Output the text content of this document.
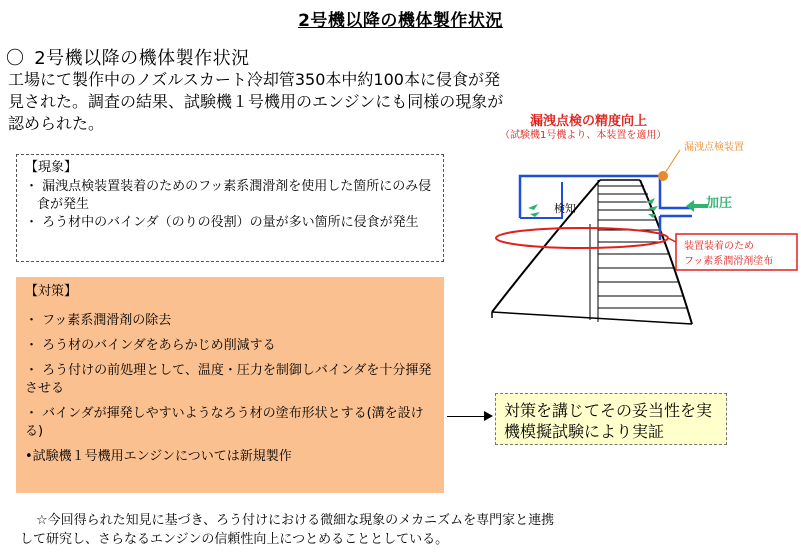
2号機以降の機体製作状況
〇 2号機以降の機体製作状況
工場にて製作中のノズルスカート冷却管350本中約100本に侵食が発見された。調査の結果、試験機１号機用のエンジンにも同様の現象が認められた。
【現象】
・ 漏洩点検装置装着のためのフッ素系潤滑剤を使用した箇所にのみ侵食が発生
・ ろう材中のバインダ（のりの役割）の量が多い箇所に侵食が発生
【対策】
・ フッ素系潤滑剤の除去
・ ろう材のバインダをあらかじめ削減する
・ ろう付けの前処理として、温度・圧力を制御しバインダを十分揮発させる
・ バインダが揮発しやすいようなろう材の塗布形状とする(溝を設ける)
•試験機１号機用エンジンについては新規製作
対策を講じてその妥当性を実機模擬試験により実証
漏洩点検の精度向上
（試験機1号機より、本装置を適用）
漏洩点検装置
加圧
検知
装置装着のため
フッ素系潤滑剤塗布
☆今回得られた知見に基づき、ろう付けにおける微細な現象のメカニズムを専門家と連携
して研究し、さらなるエンジンの信頼性向上につとめることとしている。
